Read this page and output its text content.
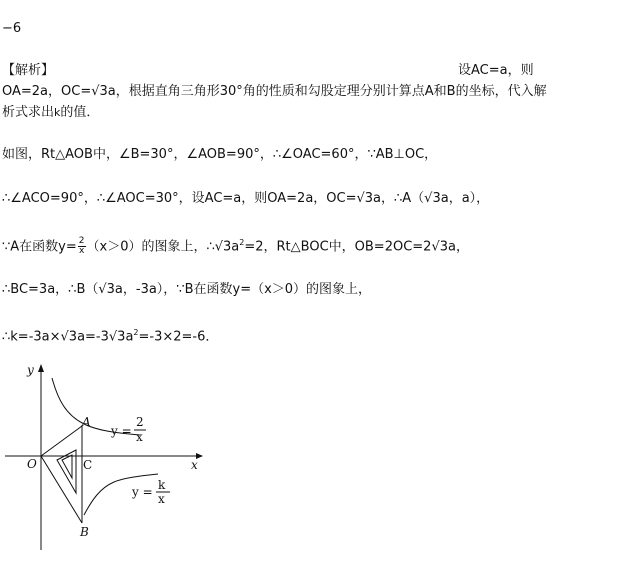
−6
【解析】	设AC=a，则
OA=2a，OC=√3a，根据直角三角形30°角的性质和勾股定理分别计算点A和B的坐标，代入解
析式求出k的值．
如图，Rt△AOB中，∠B=30°，∠AOB=90°，∴∠OAC=60°，∵AB⊥OC，
∴∠ACO=90°，∴∠AOC=30°，设AC=a，则OA=2a，OC=√3a，∴A（√3a，a），
∵A在函数$y= \frac{2}{x} (x>0)$的图象上，$\therefore√3a^2=2$，Rt△BOC中，OB=2OC=2√3a，
∴BC=3a，∴B（√3a，-3a），∵B在函数y=（x＞0）的图象上，
$\therefore k=-3a\times√3a=-3√3a^2=-3\times 2=-6$．
y
x
O
A
B
C
y =
2
x
y = k
x
